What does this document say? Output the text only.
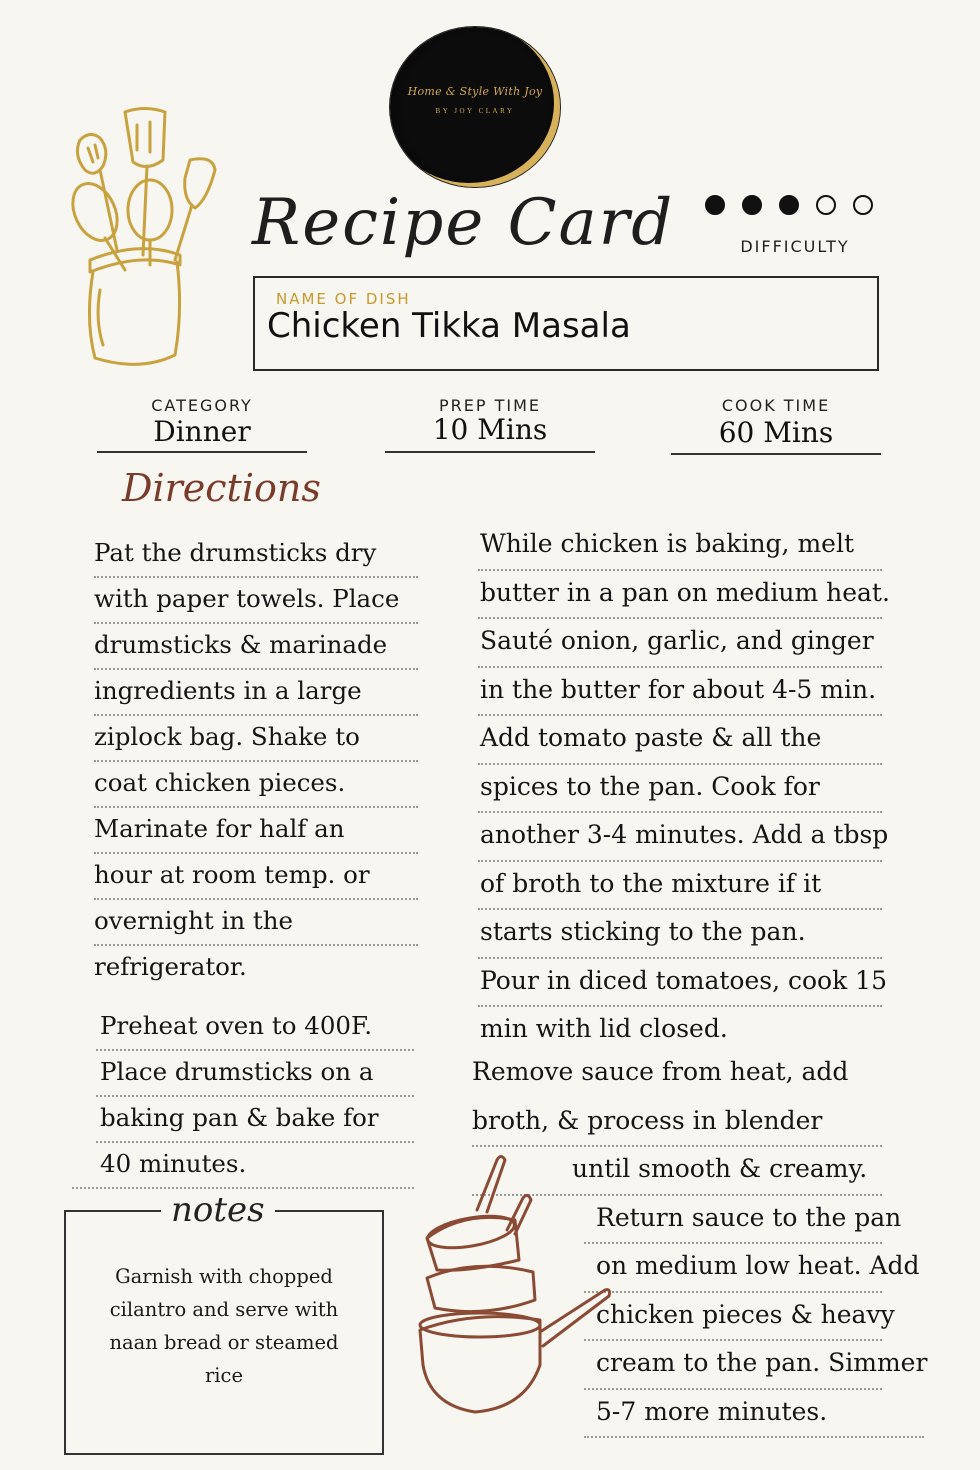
Home & Style With Joy
BY JOY CLARY
Recipe Card	DIFFICULTY
NAME OF DISH
Chicken Tikka Masala
CATEGORY
Dinner
PREP TIME
10 Mins
COOK TIME
60 Mins
Directions

Pat the drumsticks dry

with paper towels. Place

drumsticks & marinade

ingredients in a large

ziplock bag. Shake to

coat chicken pieces.

Marinate for half an

hour at room temp. or

overnight in the

refrigerator.

Preheat oven to 400F.

Place drumsticks on a

baking pan & bake for

40 minutes.

While chicken is baking, melt

butter in a pan on medium heat.

Sauté onion, garlic, and ginger

in the butter for about 4-5 min.

Add tomato paste & all the

spices to the pan. Cook for

another 3-4 minutes. Add a tbsp

of broth to the mixture if it

starts sticking to the pan.

Pour in diced tomatoes, cook 15

min with lid closed.

Remove sauce from heat, add

broth, & process in blender

until smooth & creamy.

Return sauce to the pan

on medium low heat. Add

chicken pieces & heavy

cream to the pan. Simmer

5-7 more minutes.

notes
Garnish with chopped cilantro and serve with naan bread or steamed rice
